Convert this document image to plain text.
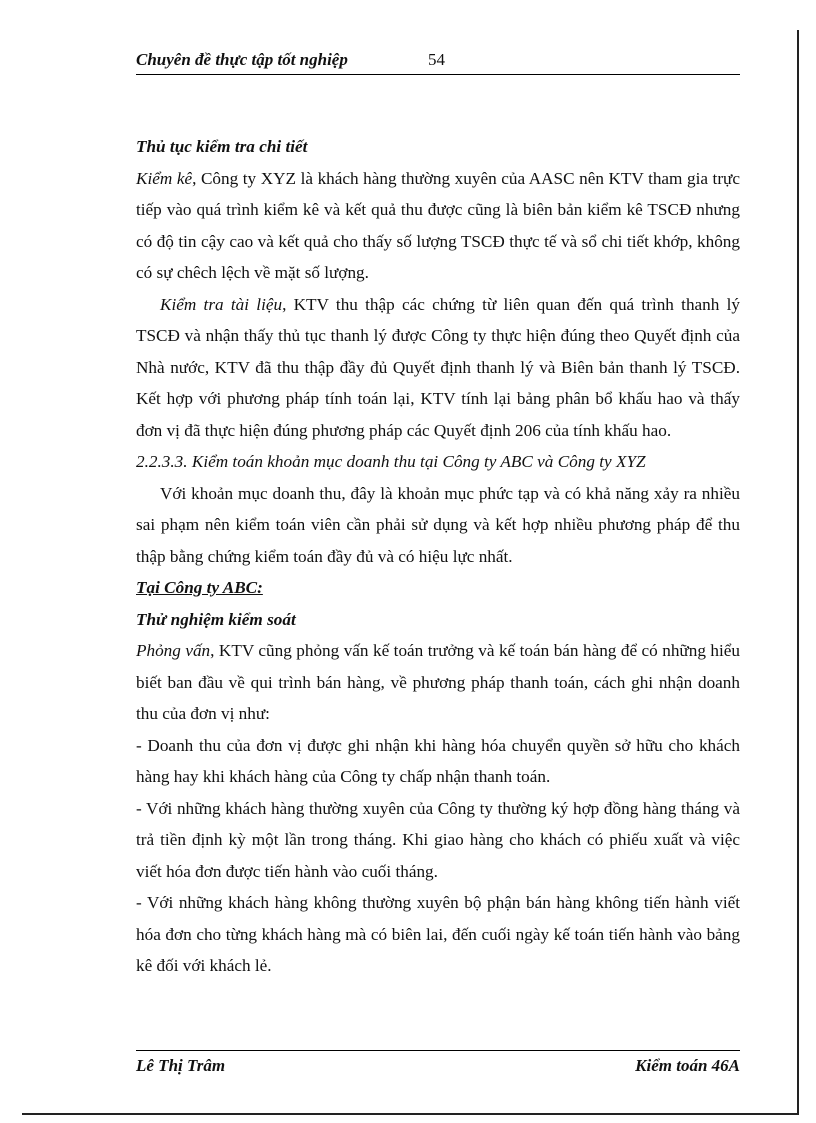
Chuyên đề thực tập tốt nghiệp	54

Thủ tục kiểm tra chi tiết

Kiểm kê, Công ty XYZ là khách hàng thường xuyên của AASC nên KTV tham gia trực tiếp vào quá trình kiểm kê và kết quả thu được cũng là biên bản kiểm kê TSCĐ nhưng có độ tin cậy cao và kết quả cho thấy số lượng TSCĐ thực tế và sổ chi tiết khớp, không có sự chêch lệch về mặt số lượng.

Kiểm tra tài liệu, KTV thu thập các chứng từ liên quan đến quá trình thanh lý TSCĐ và nhận thấy thủ tục thanh lý được Công ty thực hiện đúng theo Quyết định của Nhà nước, KTV đã thu thập đầy đủ Quyết định thanh lý và Biên bản thanh lý TSCĐ. Kết hợp với phương pháp tính toán lại, KTV tính lại bảng phân bổ khấu hao và thấy đơn vị đã thực hiện đúng phương pháp các Quyết định 206 của tính khấu hao.

2.2.3.3. Kiểm toán khoản mục doanh thu tại Công ty ABC và Công ty XYZ

Với khoản mục doanh thu, đây là khoản mục phức tạp và có khả năng xảy ra nhiều sai phạm nên kiểm toán viên cần phải sử dụng và kết hợp nhiều phương pháp để thu thập bằng chứng kiểm toán đầy đủ và có hiệu lực nhất.

Tại Công ty ABC:

Thử nghiệm kiểm soát

Phỏng vấn, KTV cũng phỏng vấn kế toán trưởng và kế toán bán hàng để có những hiểu biết ban đầu về qui trình bán hàng, về phương pháp thanh toán, cách ghi nhận doanh thu của đơn vị như:

- Doanh thu của đơn vị được ghi nhận khi hàng hóa chuyển quyền sở hữu cho khách hàng hay khi khách hàng của Công ty chấp nhận thanh toán.

- Với những khách hàng thường xuyên của Công ty thường ký hợp đồng hàng tháng và trả tiền định kỳ một lần trong tháng. Khi giao hàng cho khách có phiếu xuất và việc viết hóa đơn được tiến hành vào cuối tháng.

- Với những khách hàng không thường xuyên bộ phận bán hàng không tiến hành viết hóa đơn cho từng khách hàng mà có biên lai, đến cuối ngày kế toán tiến hành vào bảng kê đối với khách lẻ.

Lê Thị Trâm	Kiểm toán 46A
